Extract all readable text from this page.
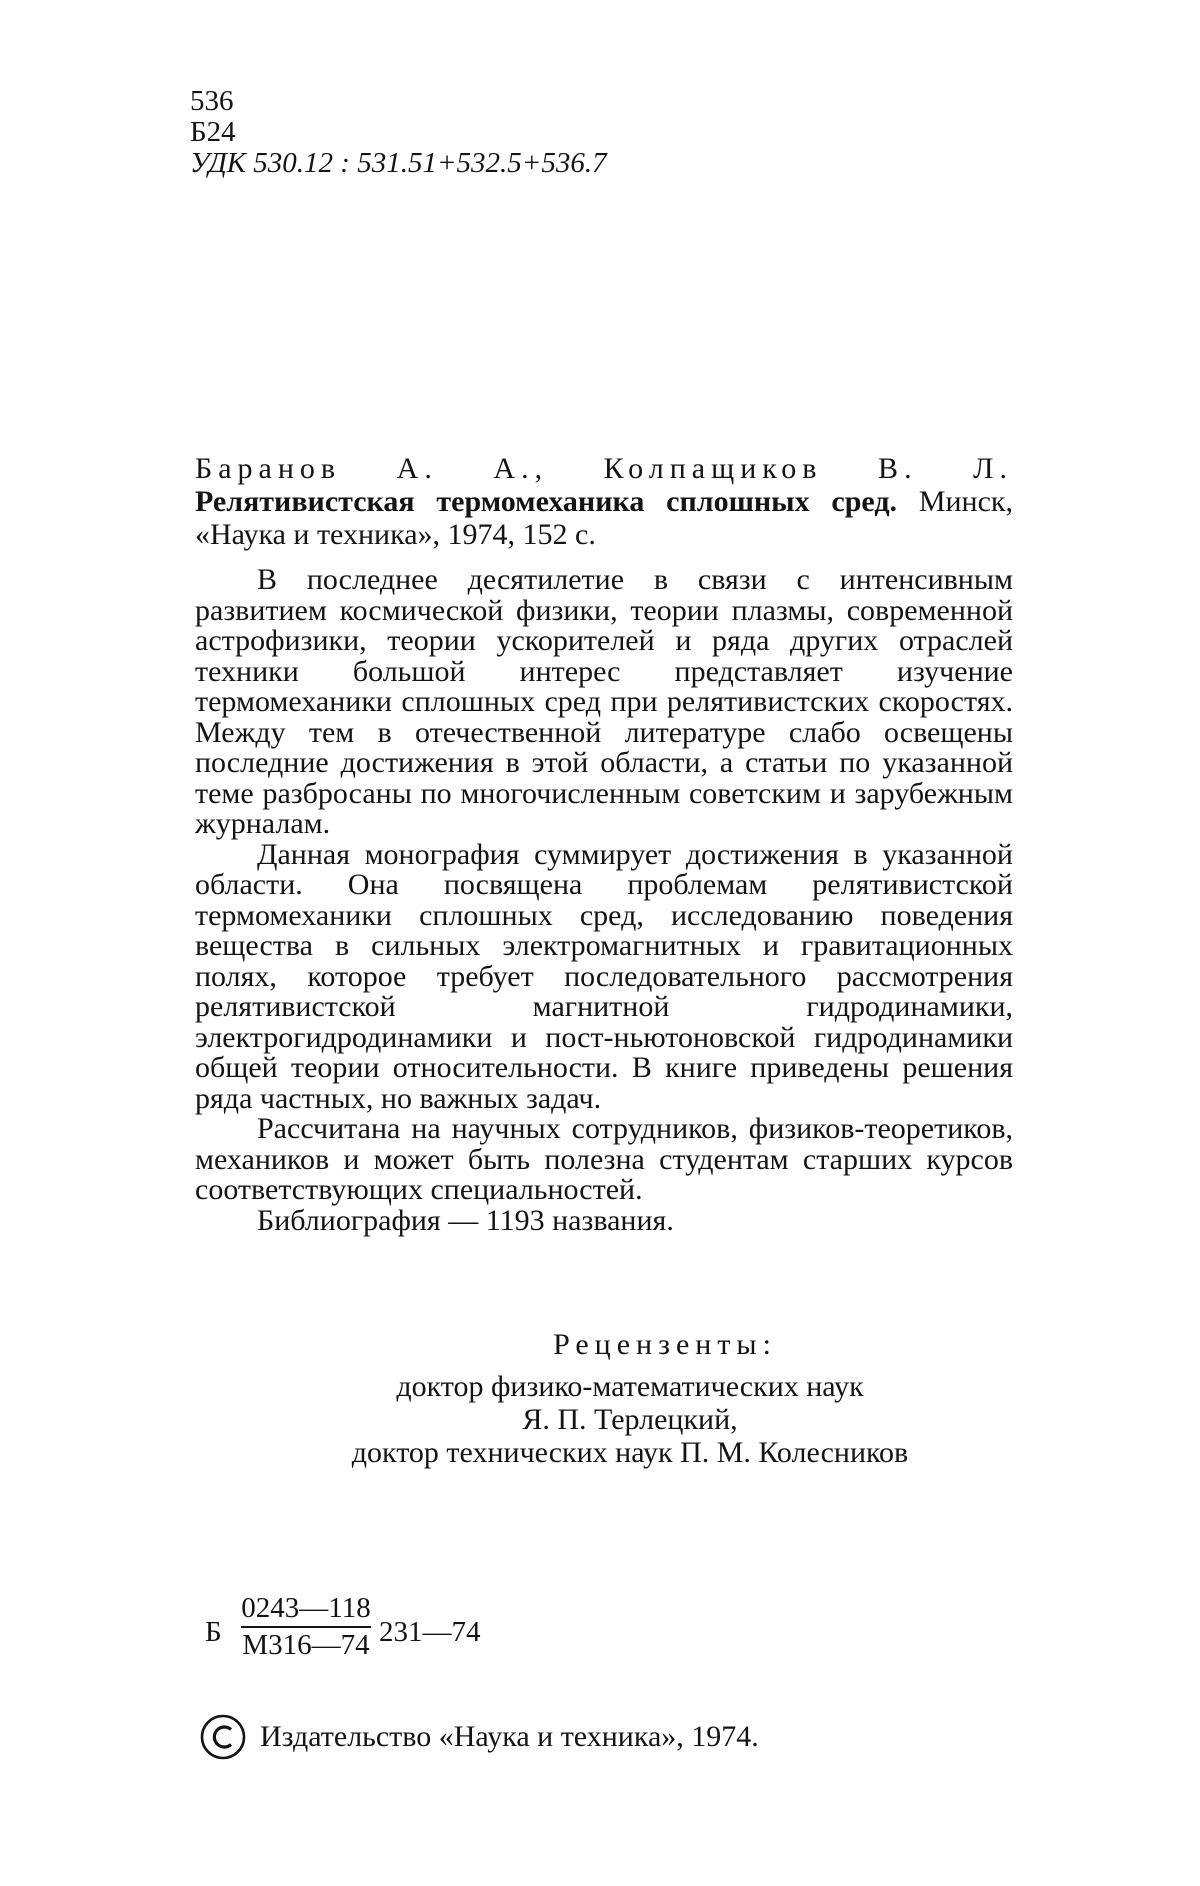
536
Б24
УДК 530.12 : 531.51+532.5+536.7
Баранов А. А., Колпащиков В. Л. Релятивистская термомеханика сплошных сред. Минск, «Наука и техника», 1974, 152 с.

В последнее десятилетие в связи с интенсивным развитием космической физики, теории плазмы, современной астрофизики, теории ускорителей и ряда других отраслей техники большой интерес представляет изучение термомеханики сплошных сред при релятивистских скоростях. Между тем в отечественной литературе слабо освещены последние достижения в этой области, а статьи по указанной теме разбросаны по многочисленным советским и зарубежным журналам.

Данная монография суммирует достижения в указанной области. Она посвящена проблемам релятивистской термомеханики сплошных сред, исследованию поведения вещества в сильных электромагнитных и гравитационных полях, которое требует последовательного рассмотрения релятивистской магнитной гидродинамики, электрогидродинамики и пост-ньютоновской гидродинамики общей теории относительности. В книге приведены решения ряда частных, но важных задач.

Рассчитана на научных сотрудников, физиков-теоретиков, механиков и может быть полезна студентам старших курсов соответствующих специальностей.

Библиография — 1193 названия.

Рецензенты:
доктор физико-математических наук
Я. П. Терлецкий,
доктор технических наук П. М. Колесников
Б
0243—118
М316—74 231—74
Издательство «Наука и техника», 1974.
